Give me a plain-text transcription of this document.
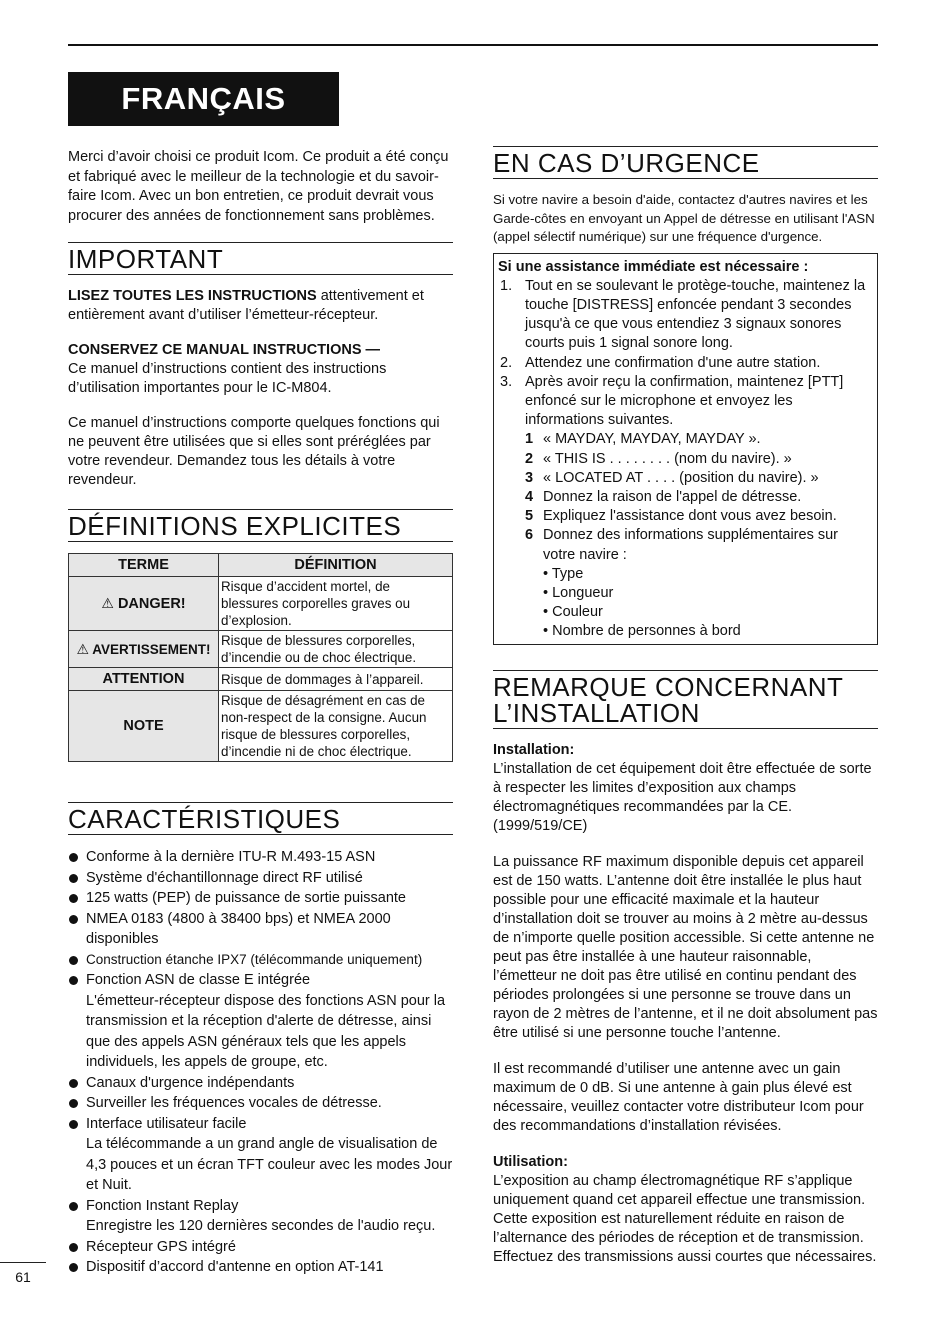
FRANÇAIS

Merci d’avoir choisi ce produit Icom. Ce produit a été conçu et fabriqué avec le meilleur de la technologie et du savoir-faire Icom. Avec un bon entretien, ce produit devrait vous procurer des années de fonctionnement sans problèmes.

IMPORTANT

LISEZ TOUTES LES INSTRUCTIONS attentivement et entièrement avant d’utiliser l’émetteur-récepteur.

CONSERVEZ CE MANUAL INSTRUCTIONS —
Ce manuel d’instructions contient des instructions d’utilisation importantes pour le IC-M804.

Ce manuel d’instructions comporte quelques fonctions qui ne peuvent être utilisées que si elles sont préréglées par votre revendeur. Demandez tous les détails à votre revendeur.

DÉFINITIONS EXPLICITES
TERME	DÉFINITION
⚠ DANGER!	Risque d’accident mortel, de blessures corporelles graves ou d’explosion.
⚠ AVERTISSEMENT!	Risque de blessures corporelles, d’incendie ou de choc électrique.
ATTENTION	Risque de dommages à l’appareil.
NOTE	Risque de désagrément en cas de non-respect de la consigne. Aucun risque de blessures corporelles, d’incendie ni de choc électrique.
CARACTÉRISTIQUES
Conforme à la dernière ITU-R M.493-15 ASN
Système d'échantillonnage direct RF utilisé
125 watts (PEP) de puissance de sortie puissante
NMEA 0183 (4800 à 38400 bps) et NMEA 2000 disponibles
Construction étanche IPX7 (télécommande uniquement)
Fonction ASN de classe E intégrée
L'émetteur-récepteur dispose des fonctions ASN pour la transmission et la réception d'alerte de détresse, ainsi que des appels ASN généraux tels que les appels individuels, les appels de groupe, etc.
Canaux d'urgence indépendants
Surveiller les fréquences vocales de détresse.
Interface utilisateur facile
La télécommande a un grand angle de visualisation de 4,3 pouces et un écran TFT couleur avec les modes Jour et Nuit.
Fonction Instant Replay
Enregistre les 120 dernières secondes de l'audio reçu.
Récepteur GPS intégré
Dispositif d’accord d'antenne en option AT-141
EN CAS D’URGENCE

Si votre navire a besoin d'aide, contactez d'autres navires et les Garde-côtes en envoyant un Appel de détresse en utilisant l'ASN (appel sélectif numérique) sur une fréquence d'urgence.

Si une assistance immédiate est nécessaire :
1. Tout en se soulevant le protège-touche, maintenez la touche [DISTRESS] enfoncée pendant 3 secondes jusqu'à ce que vous entendiez 3 signaux sonores courts puis 1 signal sonore long.
2. Attendez une confirmation d'une autre station.
3. Après avoir reçu la confirmation, maintenez [PTT] enfoncé sur le microphone et envoyez les informations suivantes.
1 « MAYDAY, MAYDAY, MAYDAY ».
2 « THIS IS . . . . . . . . (nom du navire). »
3 « LOCATED AT . . . . (position du navire). »
4 Donnez la raison de l'appel de détresse.
5 Expliquez l'assistance dont vous avez besoin.
6 Donnez des informations supplémentaires sur votre navire :
• Type
• Longueur
• Couleur
• Nombre de personnes à bord
REMARQUE CONCERNANT
L’INSTALLATION

Installation:

L’installation de cet équipement doit être effectuée de sorte à respecter les limites d’exposition aux champs électromagnétiques recommandées par la CE. (1999/519/CE)

La puissance RF maximum disponible depuis cet appareil est de 150 watts. L’antenne doit être installée le plus haut possible pour une efficacité maximale et la hauteur d’installation doit se trouver au moins à 2 mètre au-dessus de n’importe quelle position accessible. Si cette antenne ne peut pas être installée à une hauteur raisonnable, l’émetteur ne doit pas être utilisé en continu pendant des périodes prolongées si une personne se trouve dans un rayon de 2 mètres de l’antenne, et il ne doit absolument pas être utilisé si une personne touche l’antenne.

Il est recommandé d’utiliser une antenne avec un gain maximum de 0 dB. Si une antenne à gain plus élevé est nécessaire, veuillez contacter votre distributeur Icom pour des recommandations d’installation révisées.

Utilisation:

L’exposition au champ électromagnétique RF s’applique uniquement quand cet appareil effectue une transmission. Cette exposition est naturellement réduite en raison de l’alternance des périodes de réception et de transmission. Effectuez des transmissions aussi courtes que nécessaires.

61
